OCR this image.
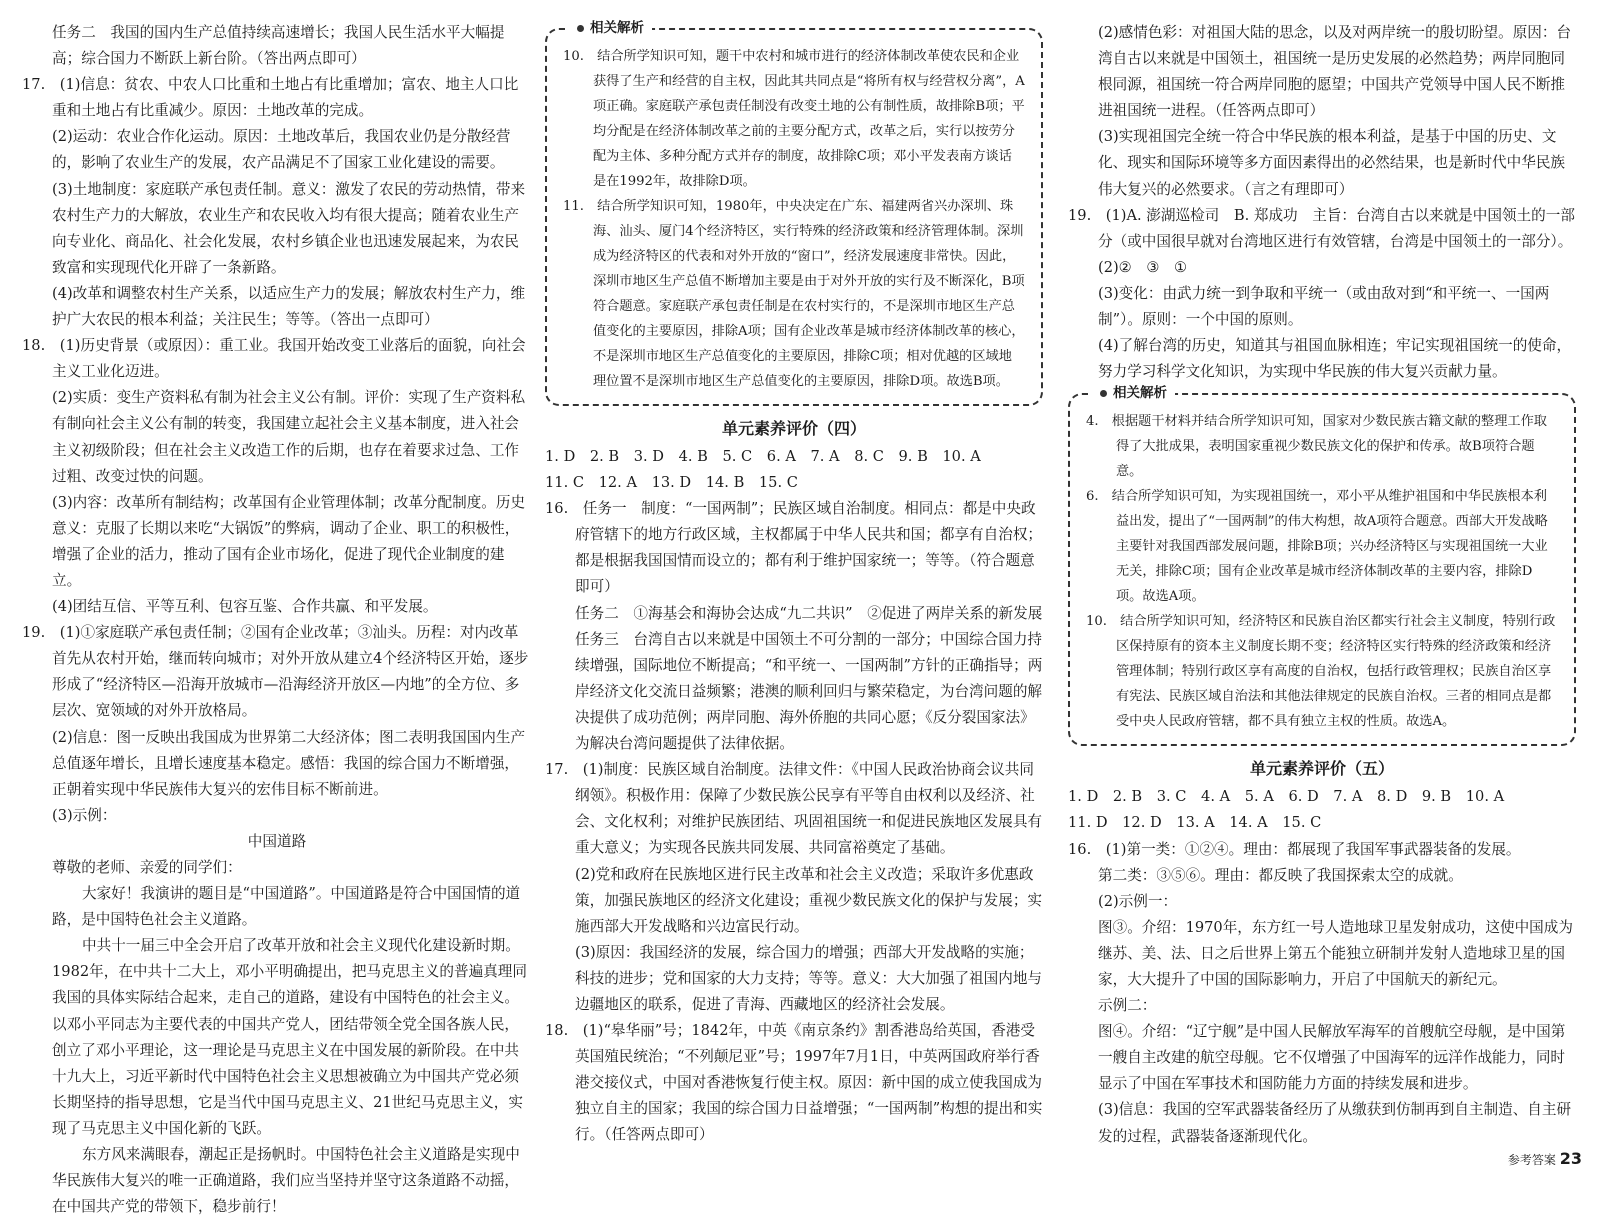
任务二　我国的国内生产总值持续高速增长；我国人民生活水平大幅提高；综合国力不断跃上新台阶。（答出两点即可）

17.　(1)信息：贫农、中农人口比重和土地占有比重增加；富农、地主人口比重和土地占有比重减少。原因：土地改革的完成。

(2)运动：农业合作化运动。原因：土地改革后，我国农业仍是分散经营的，影响了农业生产的发展，农产品满足不了国家工业化建设的需要。

(3)土地制度：家庭联产承包责任制。意义：激发了农民的劳动热情，带来农村生产力的大解放，农业生产和农民收入均有很大提高；随着农业生产向专业化、商品化、社会化发展，农村乡镇企业也迅速发展起来，为农民致富和实现现代化开辟了一条新路。

(4)改革和调整农村生产关系，以适应生产力的发展；解放农村生产力，维护广大农民的根本利益；关注民生；等等。（答出一点即可）

18.　(1)历史背景（或原因）：重工业。我国开始改变工业落后的面貌，向社会主义工业化迈进。

(2)实质：变生产资料私有制为社会主义公有制。评价：实现了生产资料私有制向社会主义公有制的转变，我国建立起社会主义基本制度，进入社会主义初级阶段；但在社会主义改造工作的后期，也存在着要求过急、工作过粗、改变过快的问题。

(3)内容：改革所有制结构；改革国有企业管理体制；改革分配制度。历史意义：克服了长期以来吃“大锅饭”的弊病，调动了企业、职工的积极性，增强了企业的活力，推动了国有企业市场化，促进了现代企业制度的建立。

(4)团结互信、平等互利、包容互鉴、合作共赢、和平发展。

19.　(1)①家庭联产承包责任制；②国有企业改革；③汕头。历程：对内改革首先从农村开始，继而转向城市；对外开放从建立4个经济特区开始，逐步形成了“经济特区—沿海开放城市—沿海经济开放区—内地”的全方位、多层次、宽领域的对外开放格局。

(2)信息：图一反映出我国成为世界第二大经济体；图二表明我国国内生产总值逐年增长，且增长速度基本稳定。感悟：我国的综合国力不断增强，正朝着实现中华民族伟大复兴的宏伟目标不断前进。

(3)示例：

中国道路

尊敬的老师、亲爱的同学们：

大家好！我演讲的题目是“中国道路”。中国道路是符合中国国情的道路，是中国特色社会主义道路。

中共十一届三中全会开启了改革开放和社会主义现代化建设新时期。1982年，在中共十二大上，邓小平明确提出，把马克思主义的普遍真理同我国的具体实际结合起来，走自己的道路，建设有中国特色的社会主义。以邓小平同志为主要代表的中国共产党人，团结带领全党全国各族人民，创立了邓小平理论，这一理论是马克思主义在中国发展的新阶段。在中共十九大上，习近平新时代中国特色社会主义思想被确立为中国共产党必须长期坚持的指导思想，它是当代中国马克思主义、21世纪马克思主义，实现了马克思主义中国化新的飞跃。

东方风来满眼春，潮起正是扬帆时。中国特色社会主义道路是实现中华民族伟大复兴的唯一正确道路，我们应当坚持并坚守这条道路不动摇，在中国共产党的带领下，稳步前行！

相关解析

10.　结合所学知识可知，题干中农村和城市进行的经济体制改革使农民和企业获得了生产和经营的自主权，因此其共同点是“将所有权与经营权分离”，A项正确。家庭联产承包责任制没有改变土地的公有制性质，故排除B项；平均分配是在经济体制改革之前的主要分配方式，改革之后，实行以按劳分配为主体、多种分配方式并存的制度，故排除C项；邓小平发表南方谈话是在1992年，故排除D项。

11.　结合所学知识可知，1980年，中央决定在广东、福建两省兴办深圳、珠海、汕头、厦门4个经济特区，实行特殊的经济政策和经济管理体制。深圳成为经济特区的代表和对外开放的“窗口”，经济发展速度非常快。因此，深圳市地区生产总值不断增加主要是由于对外开放的实行及不断深化，B项符合题意。家庭联产承包责任制是在农村实行的，不是深圳市地区生产总值变化的主要原因，排除A项；国有企业改革是城市经济体制改革的核心，不是深圳市地区生产总值变化的主要原因，排除C项；相对优越的区域地理位置不是深圳市地区生产总值变化的主要原因，排除D项。故选B项。

单元素养评价（四）

1. D　2. B　3. D　4. B　5. C　6. A　7. A　8. C　9. B　10. A

11. C　12. A　13. D　14. B　15. C

16.　任务一　制度：“一国两制”；民族区域自治制度。相同点：都是中央政府管辖下的地方行政区域，主权都属于中华人民共和国；都享有自治权；都是根据我国国情而设立的；都有利于维护国家统一；等等。（符合题意即可）

任务二　①海基会和海协会达成“九二共识”　②促进了两岸关系的新发展

任务三　台湾自古以来就是中国领土不可分割的一部分；中国综合国力持续增强，国际地位不断提高；“和平统一、一国两制”方针的正确指导；两岸经济文化交流日益频繁；港澳的顺利回归与繁荣稳定，为台湾问题的解决提供了成功范例；两岸同胞、海外侨胞的共同心愿；《反分裂国家法》为解决台湾问题提供了法律依据。

17.　(1)制度：民族区域自治制度。法律文件：《中国人民政治协商会议共同纲领》。积极作用：保障了少数民族公民享有平等自由权利以及经济、社会、文化权利；对维护民族团结、巩固祖国统一和促进民族地区发展具有重大意义；为实现各民族共同发展、共同富裕奠定了基础。

(2)党和政府在民族地区进行民主改革和社会主义改造；采取许多优惠政策，加强民族地区的经济文化建设；重视少数民族文化的保护与发展；实施西部大开发战略和兴边富民行动。

(3)原因：我国经济的发展，综合国力的增强；西部大开发战略的实施；科技的进步；党和国家的大力支持；等等。意义：大大加强了祖国内地与边疆地区的联系，促进了青海、西藏地区的经济社会发展。

18.　(1)“皋华丽”号；1842年，中英《南京条约》割香港岛给英国，香港受英国殖民统治；“不列颠尼亚”号；1997年7月1日，中英两国政府举行香港交接仪式，中国对香港恢复行使主权。原因：新中国的成立使我国成为独立自主的国家；我国的综合国力日益增强；“一国两制”构想的提出和实行。（任答两点即可）

(2)感情色彩：对祖国大陆的思念，以及对两岸统一的殷切盼望。原因：台湾自古以来就是中国领土，祖国统一是历史发展的必然趋势；两岸同胞同根同源，祖国统一符合两岸同胞的愿望；中国共产党领导中国人民不断推进祖国统一进程。（任答两点即可）

(3)实现祖国完全统一符合中华民族的根本利益，是基于中国的历史、文化、现实和国际环境等多方面因素得出的必然结果，也是新时代中华民族伟大复兴的必然要求。（言之有理即可）

19.　(1)A. 澎湖巡检司　B. 郑成功　主旨：台湾自古以来就是中国领土的一部分（或中国很早就对台湾地区进行有效管辖，台湾是中国领土的一部分）。

(2)②　③　①

(3)变化：由武力统一到争取和平统一（或由敌对到“和平统一、一国两制”）。原则：一个中国的原则。

(4)了解台湾的历史，知道其与祖国血脉相连；牢记实现祖国统一的使命，努力学习科学文化知识，为实现中华民族的伟大复兴贡献力量。

相关解析

4.　根据题干材料并结合所学知识可知，国家对少数民族古籍文献的整理工作取得了大批成果，表明国家重视少数民族文化的保护和传承。故B项符合题意。

6.　结合所学知识可知，为实现祖国统一，邓小平从维护祖国和中华民族根本利益出发，提出了“一国两制”的伟大构想，故A项符合题意。西部大开发战略主要针对我国西部发展问题，排除B项；兴办经济特区与实现祖国统一大业无关，排除C项；国有企业改革是城市经济体制改革的主要内容，排除D项。故选A项。

10.　结合所学知识可知，经济特区和民族自治区都实行社会主义制度，特别行政区保持原有的资本主义制度长期不变；经济特区实行特殊的经济政策和经济管理体制；特别行政区享有高度的自治权，包括行政管理权；民族自治区享有宪法、民族区域自治法和其他法律规定的民族自治权。三者的相同点是都受中央人民政府管辖，都不具有独立主权的性质。故选A。

单元素养评价（五）

1. D　2. B　3. C　4. A　5. A　6. D　7. A　8. D　9. B　10. A

11. D　12. D　13. A　14. A　15. C

16.　(1)第一类：①②④。理由：都展现了我国军事武器装备的发展。

第二类：③⑤⑥。理由：都反映了我国探索太空的成就。

(2)示例一：

图③。介绍：1970年，东方红一号人造地球卫星发射成功，这使中国成为继苏、美、法、日之后世界上第五个能独立研制并发射人造地球卫星的国家，大大提升了中国的国际影响力，开启了中国航天的新纪元。

示例二：

图④。介绍：“辽宁舰”是中国人民解放军海军的首艘航空母舰，是中国第一艘自主改建的航空母舰。它不仅增强了中国海军的远洋作战能力，同时显示了中国在军事技术和国防能力方面的持续发展和进步。

(3)信息：我国的空军武器装备经历了从缴获到仿制再到自主制造、自主研发的过程，武器装备逐渐现代化。

参考答案 23
